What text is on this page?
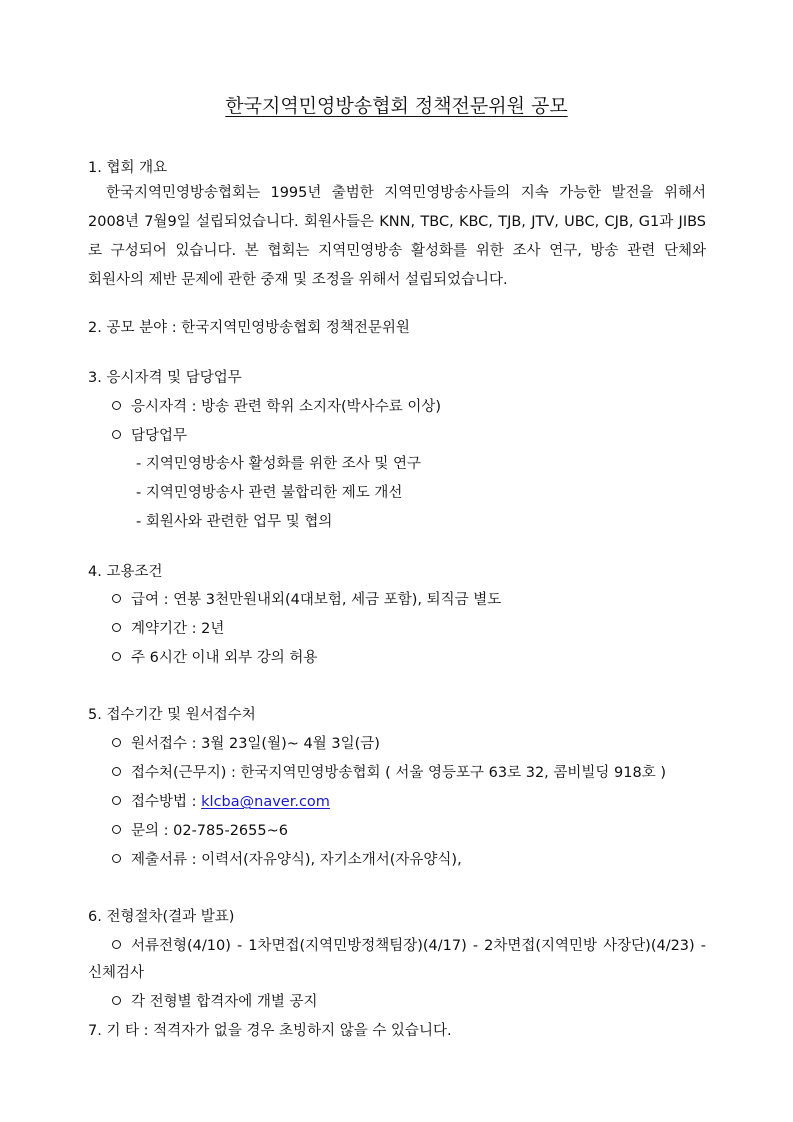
한국지역민영방송협회 정책전문위원 공모
1. 협회 개요
한국지역민영방송협회는 1995년 출범한 지역민영방송사들의 지속 가능한 발전을 위해서
2008년 7월9일 설립되었습니다. 회원사들은 KNN, TBC, KBC, TJB, JTV, UBC, CJB, G1과 JIBS
로 구성되어 있습니다. 본 협회는 지역민영방송 활성화를 위한 조사 연구, 방송 관련 단체와
회원사의 제반 문제에 관한 중재 및 조정을 위해서 설립되었습니다.
2. 공모 분야 : 한국지역민영방송협회 정책전문위원
3. 응시자격 및 담당업무
응시자격 : 방송 관련 학위 소지자(박사수료 이상)
담당업무
- 지역민영방송사 활성화를 위한 조사 및 연구
- 지역민영방송사 관련 불합리한 제도 개선
- 회원사와 관련한 업무 및 협의
4. 고용조건
급여 : 연봉 3천만원내외(4대보험, 세금 포함), 퇴직금 별도
계약기간 : 2년
주 6시간 이내 외부 강의 허용
5. 접수기간 및 원서접수처
원서접수 : 3월 23일(월)~ 4월 3일(금)
접수처(근무지) : 한국지역민영방송협회 ( 서울 영등포구 63로 32, 콤비빌딩 918호 )
접수방법 : klcba@naver.com
문의 : 02-785-2655~6
제출서류 : 이력서(자유양식), 자기소개서(자유양식),
6. 전형절차(결과 발표)
서류전형(4/10) - 1차면접(지역민방정책팀장)(4/17) - 2차면접(지역민방 사장단)(4/23) -
신체검사
각 전형별 합격자에 개별 공지
7. 기 타 : 적격자가 없을 경우 초빙하지 않을 수 있습니다.
